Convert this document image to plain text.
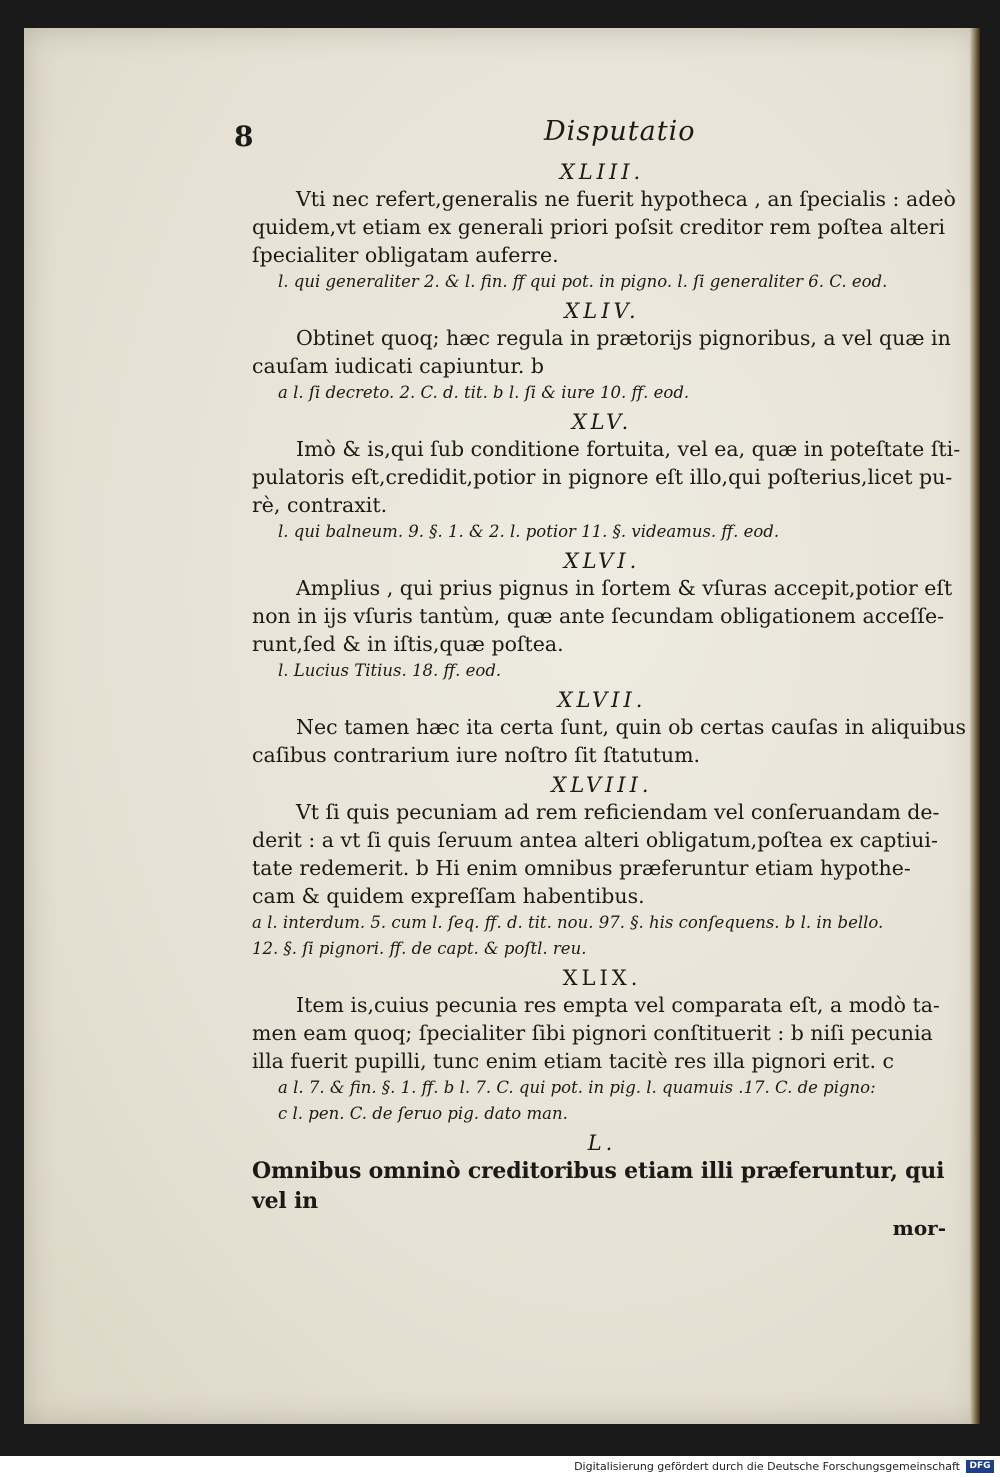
8	Disputatio
XLIII.
Vti nec refert,generalis ne fuerit hypotheca , an ſpecialis : adeò
quidem,vt etiam ex generali priori poſsit creditor rem poſtea alteri
ſpecialiter obligatam auferre.
l. qui generaliter 2. & l. fin. ff qui pot. in pigno. l. ſi generaliter 6. C. eod.
XLIV.
Obtinet quoq; hæc regula in prætorijs pignoribus, a vel quæ in
cauſam iudicati capiuntur. b
a l. ſi decreto. 2. C. d. tit. b l. ſi & iure 10. ff. eod.
XLV.
Imò & is,qui ſub conditione fortuita, vel ea, quæ in poteſtate ſti-
pulatoris eſt,credidit,potior in pignore eſt illo,qui poſterius,licet pu-
rè, contraxit.
l. qui balneum. 9. §. 1. & 2. l. potior 11. §. videamus. ff. eod.
XLVI.
Amplius , qui prius pignus in ſortem & vſuras accepit,potior eſt
non in ijs vſuris tantùm, quæ ante ſecundam obligationem acceſſe-
runt,ſed & in iſtis,quæ poſtea.
l. Lucius Titius. 18. ff. eod.
XLVII.
Nec tamen hæc ita certa ſunt, quin ob certas cauſas in aliquibus
caſibus contrarium iure noſtro ſit ſtatutum.
XLVIII.
Vt ſi quis pecuniam ad rem reficiendam vel conſeruandam de-
derit : a vt ſi quis ſeruum antea alteri obligatum,poſtea ex captiui-
tate redemerit. b Hi enim omnibus præferuntur etiam hypothe-
cam & quidem expreſſam habentibus.
a l. interdum. 5. cum l. ſeq. ff. d. tit. nou. 97. §. his conſequens. b l. in bello.
12. §. ſi pignori. ff. de capt. & poſtl. reu.
XLIX.
Item is,cuius pecunia res empta vel comparata eſt, a modò ta-
men eam quoq; ſpecialiter ſibi pignori conſtituerit : b niſi pecunia
illa fuerit pupilli, tunc enim etiam tacitè res illa pignori erit. c
a l. 7. & fin. §. 1. ff. b l. 7. C. qui pot. in pig. l. quamuis .17. C. de pigno:
c l. pen. C. de ſeruo pig. dato man.
L.
Omnibus omninò creditoribus etiam illi præferuntur, qui vel in
mor-
Digitalisierung gefördert durch die Deutsche Forschungsgemeinschaft	DFG
